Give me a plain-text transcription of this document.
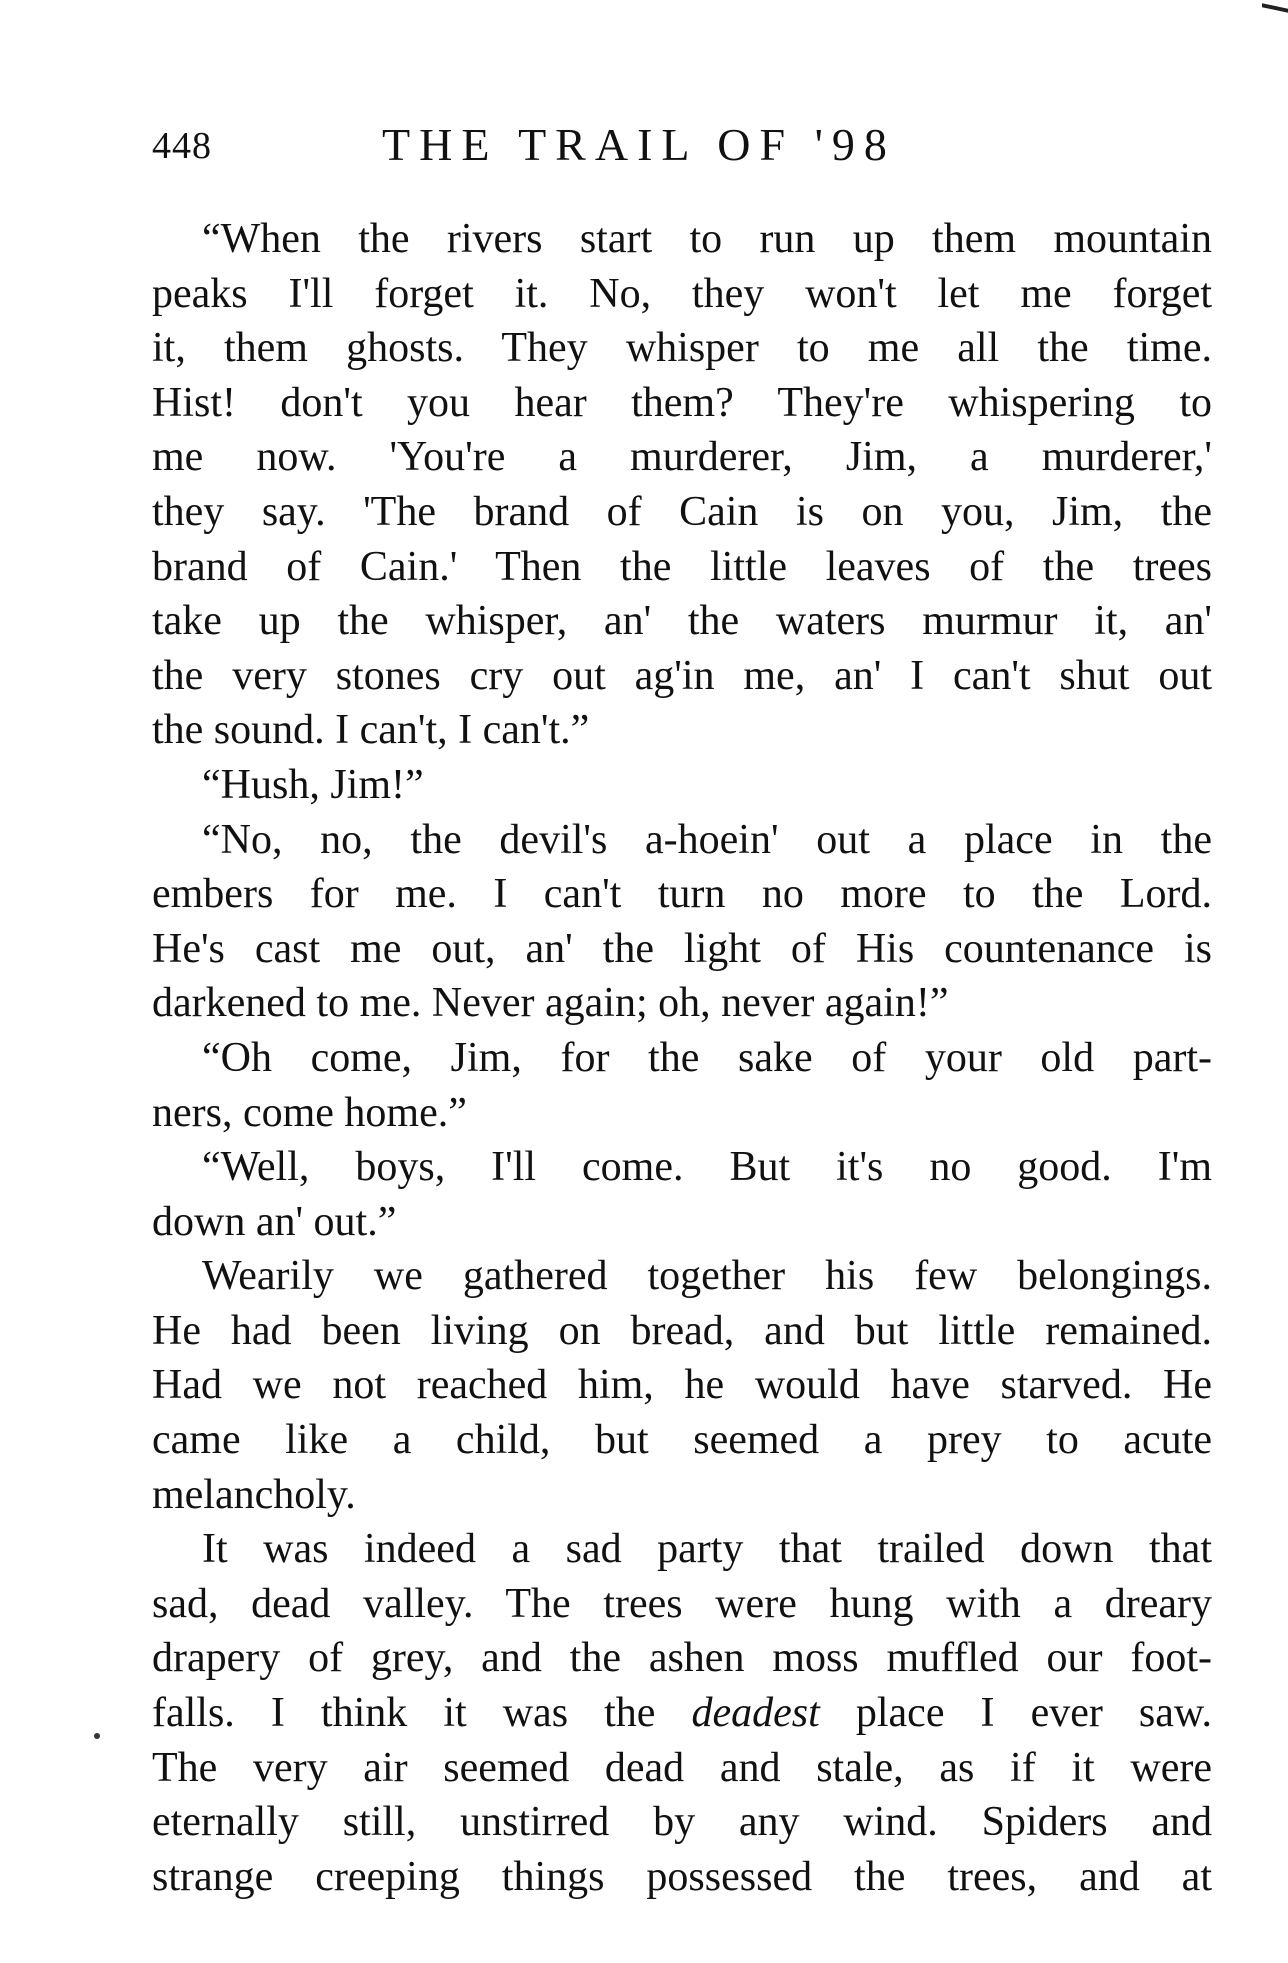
448	THE TRAIL OF '98
“When the rivers start to run up them mountain
peaks I'll forget it. No, they won't let me forget
it, them ghosts. They whisper to me all the time.
Hist! don't you hear them? They're whispering to
me now. 'You're a murderer, Jim, a murderer,'
they say. 'The brand of Cain is on you, Jim, the
brand of Cain.' Then the little leaves of the trees
take up the whisper, an' the waters murmur it, an'
the very stones cry out ag'in me, an' I can't shut out
the sound. I can't, I can't.”
“Hush, Jim!”
“No, no, the devil's a-hoein' out a place in the
embers for me. I can't turn no more to the Lord.
He's cast me out, an' the light of His countenance is
darkened to me. Never again; oh, never again!”
“Oh come, Jim, for the sake of your old part-
ners, come home.”
“Well, boys, I'll come. But it's no good. I'm
down an' out.”
Wearily we gathered together his few belongings.
He had been living on bread, and but little remained.
Had we not reached him, he would have starved. He
came like a child, but seemed a prey to acute
melancholy.
It was indeed a sad party that trailed down that
sad, dead valley. The trees were hung with a dreary
drapery of grey, and the ashen moss muffled our foot-
falls. I think it was the deadest place I ever saw.
The very air seemed dead and stale, as if it were
eternally still, unstirred by any wind. Spiders and
strange creeping things possessed the trees, and at
